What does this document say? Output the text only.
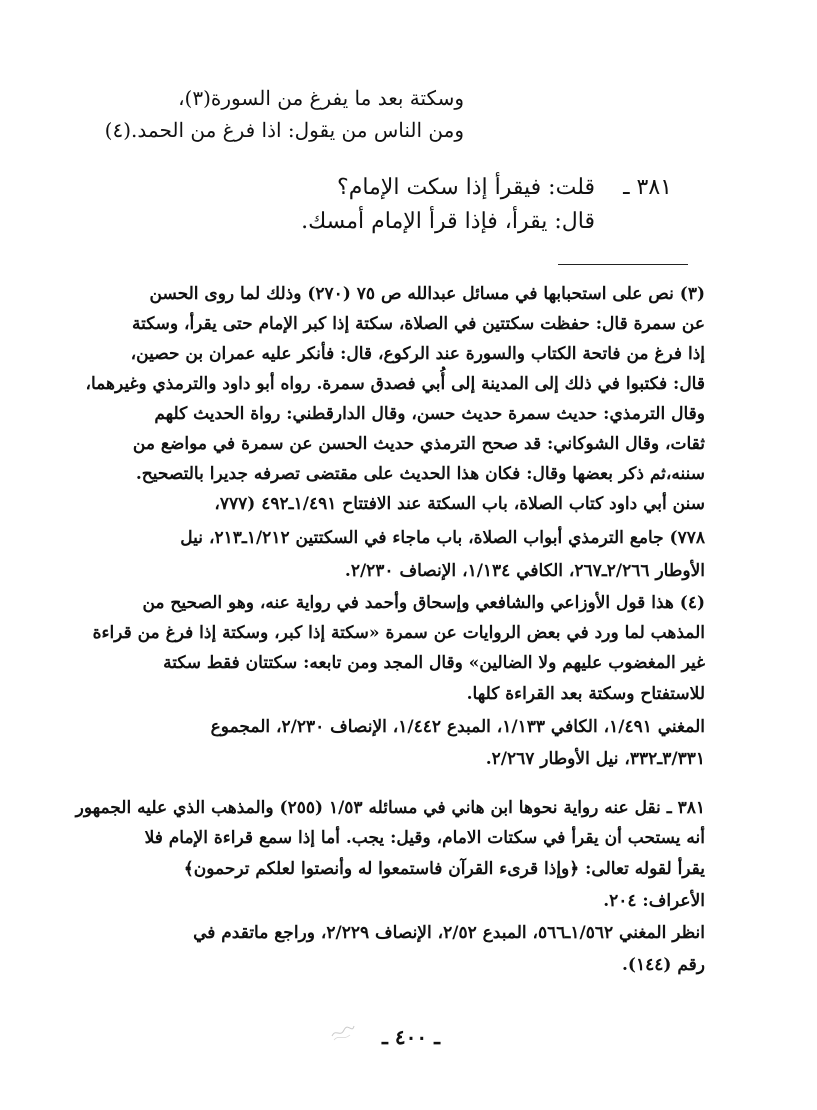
وسكتة بعد ما يفرغ من السورة(٣)،
ومن الناس من يقول: اذا فرغ من الحمد.(٤)
٣٨١ ـ
قلت: فيقرأ إذا سكت الإمام؟
قال: يقرأ، فإذا قرأ الإمام أمسك.
(٣) نص على استحبابها في مسائل عبدالله ص ٧٥ (٢٧٠) وذلك لما روى الحسن
عن سمرة قال: حفظت سكتتين في الصلاة، سكتة إذا كبر الإمام حتى يقرأ، وسكتة
إذا فرغ من فاتحة الكتاب والسورة عند الركوع، قال: فأنكر عليه عمران بن حصين،
قال: فكتبوا في ذلك إلى المدينة إلى أُبي فصدق سمرة. رواه أبو داود والترمذي وغيرهما،
وقال الترمذي: حديث سمرة حديث حسن، وقال الدارقطني: رواة الحديث كلهم
ثقات، وقال الشوكاني: قد صحح الترمذي حديث الحسن عن سمرة في مواضع من
سننه،ثم ذكر بعضها وقال: فكان هذا الحديث على مقتضى تصرفه جديرا بالتصحيح.
سنن أبي داود كتاب الصلاة، باب السكتة عند الافتتاح ١/٤٩١ـ٤٩٢ (٧٧٧،
٧٧٨) جامع الترمذي أبواب الصلاة، باب ماجاء في السكتتين ١/٢١٢ـ٢١٣، نيل
الأوطار ٢/٢٦٦ـ٢٦٧، الكافي ١/١٣٤، الإنصاف ٢/٢٣٠.
(٤) هذا قول الأوزاعي والشافعي وإسحاق وأحمد في رواية عنه، وهو الصحيح من
المذهب لما ورد في بعض الروايات عن سمرة «سكتة إذا كبر، وسكتة إذا فرغ من قراءة
غير المغضوب عليهم ولا الضالين» وقال المجد ومن تابعه: سكتتان فقط سكتة
للاستفتاح وسكتة بعد القراءة كلها.
المغني ١/٤٩١، الكافي ١/١٣٣، المبدع ١/٤٤٢، الإنصاف ٢/٢٣٠، المجموع
٣/٣٣١ـ٣٣٢، نيل الأوطار ٢/٢٦٧.
٣٨١ ـ نقل عنه رواية نحوها ابن هاني في مسائله ١/٥٣ (٢٥٥) والمذهب الذي عليه الجمهور
أنه يستحب أن يقرأ في سكتات الامام، وقيل: يجب. أما إذا سمع قراءة الإمام فلا
يقرأ لقوله تعالى: ﴿وإذا قرىء القرآن فاستمعوا له وأنصتوا لعلكم ترحمون﴾
الأعراف: ٢٠٤.
انظر المغني ١/٥٦٢ـ٥٦٦، المبدع ٢/٥٢، الإنصاف ٢/٢٢٩، وراجع ماتقدم في
رقم (١٤٤).
ـ ٤٠٠ ـ
